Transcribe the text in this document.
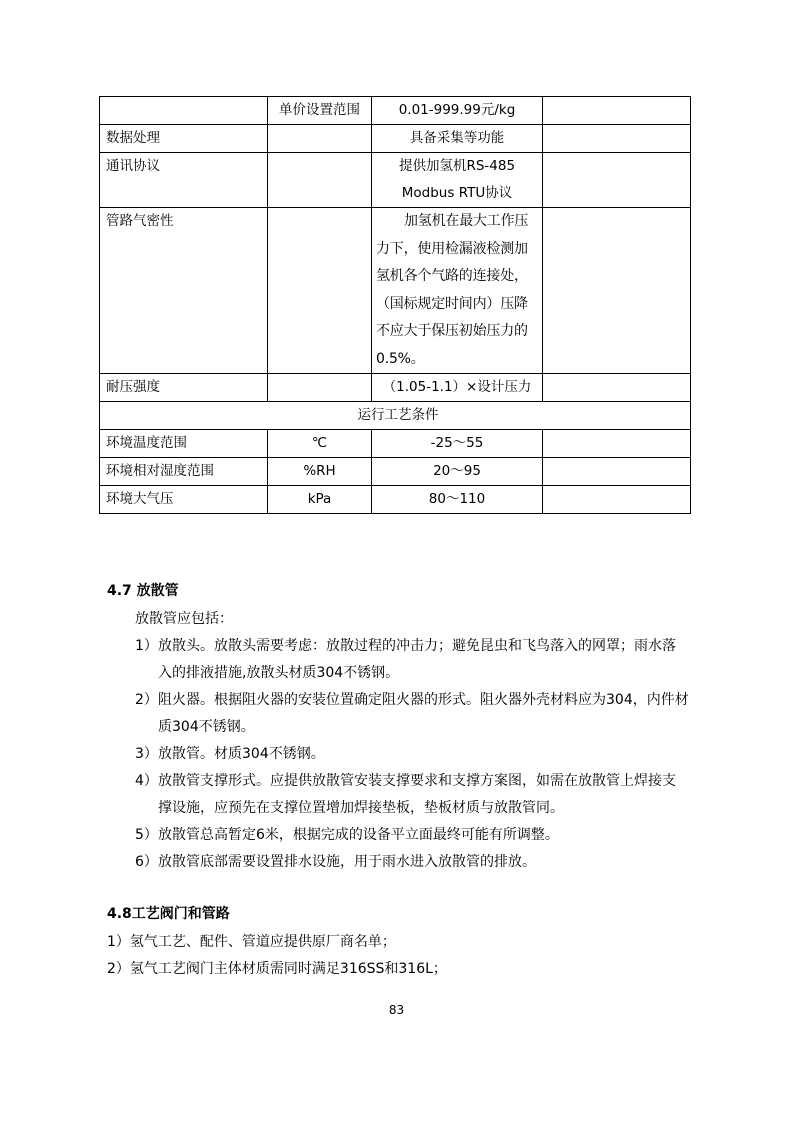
	单价设置范围	0.01-999.99元/kg	
数据处理		具备采集等功能	
通讯协议		提供加氢机RS-485
Modbus RTU协议	

管路气密性		加氢机在最大工作压力下，使用检漏液检测加氢机各个气路的连接处，（国标规定时间内）压降不应大于保压初始压力的0.5%。	
耐压强度		（1.05-1.1）×设计压力	
运行工艺条件			
环境温度范围	℃	-25～55	
环境相对湿度范围	%RH	20～95	
环境大气压	kPa	80～110	
4.7 放散管
放散管应包括：
1） 放散头。放散头需要考虑：放散过程的冲击力；避免昆虫和飞鸟落入的网罩；雨水落
入的排液措施,放散头材质304不锈钢。
2） 阻火器。根据阻火器的安装位置确定阻火器的形式。阻火器外壳材料应为304，内件材
质304不锈钢。
3） 放散管。材质304不锈钢。
4） 放散管支撑形式。应提供放散管安装支撑要求和支撑方案图，如需在放散管上焊接支
撑设施，应预先在支撑位置增加焊接垫板，垫板材质与放散管同。
5） 放散管总高暂定6米，根据完成的设备平立面最终可能有所调整。
6） 放散管底部需要设置排水设施，用于雨水进入放散管的排放。
4.8工艺阀门和管路
1）氢气工艺、配件、管道应提供原厂商名单；
2）氢气工艺阀门主体材质需同时满足316SS和316L；
83
